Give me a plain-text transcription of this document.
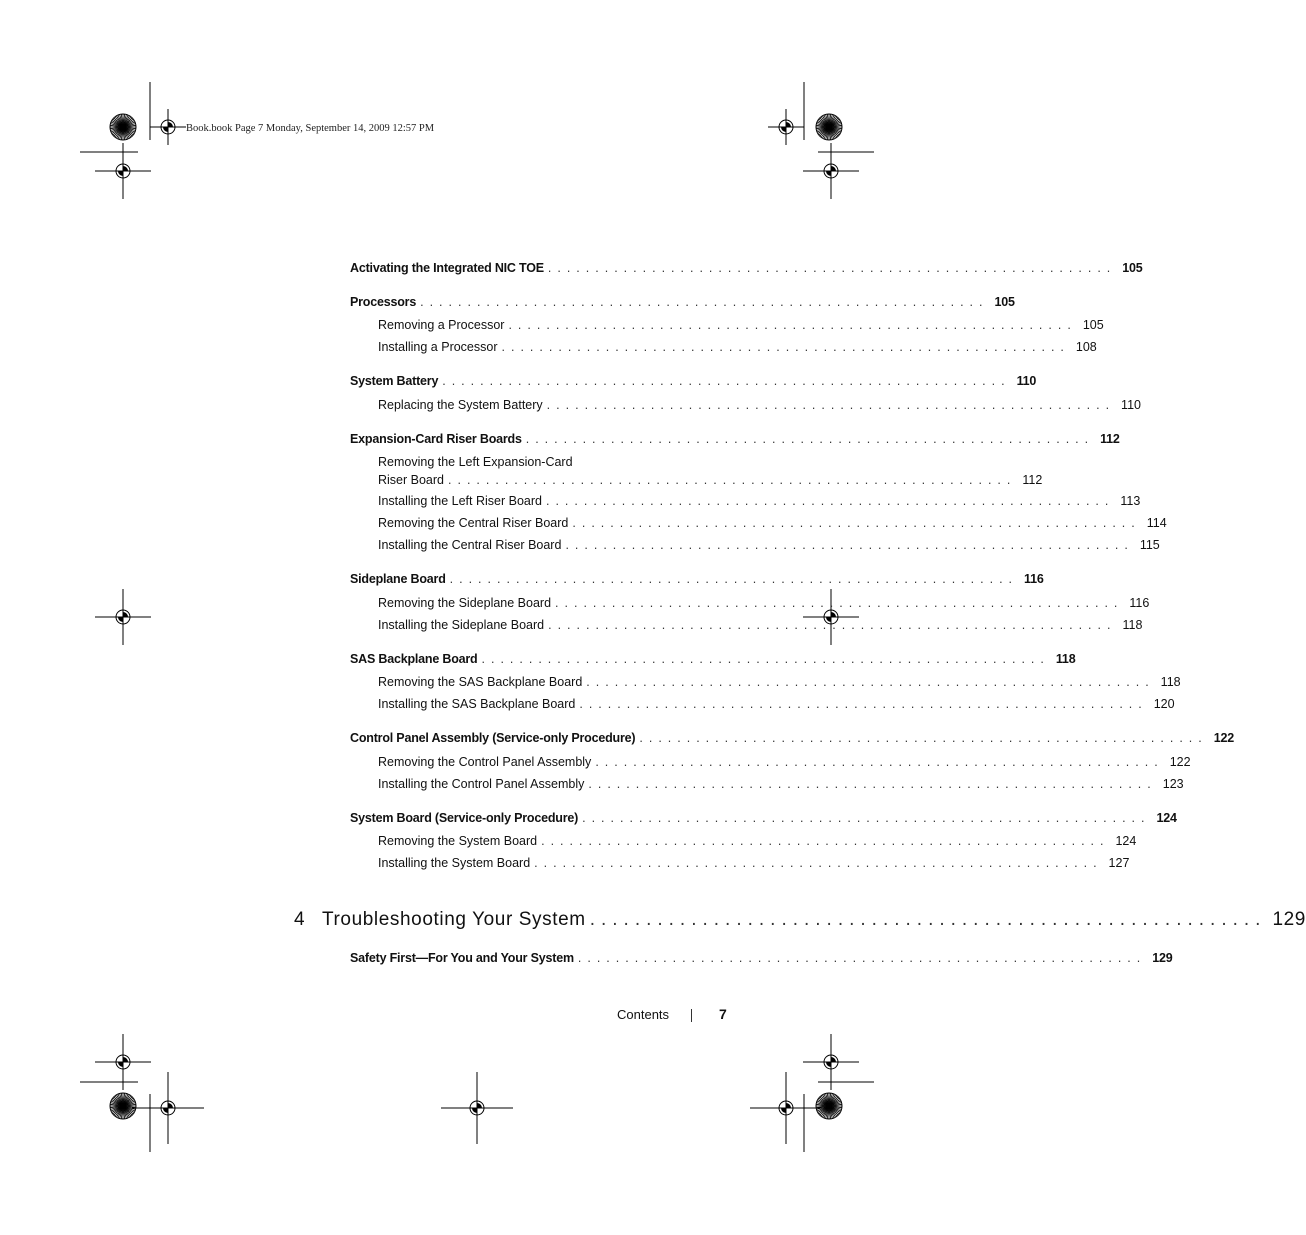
Book.book Page 7 Monday, September 14, 2009 12:57 PM
Activating the Integrated NIC TOE ............................................................ 105
Processors ............................................................ 105
Removing a Processor ............................................................ 105
Installing a Processor ............................................................ 108
System Battery ............................................................ 110
Replacing the System Battery ............................................................ 110
Expansion-Card Riser Boards ............................................................ 112
Removing the Left Expansion-Card
Riser Board ............................................................ 112
Installing the Left Riser Board ............................................................ 113
Removing the Central Riser Board ............................................................ 114
Installing the Central Riser Board ............................................................ 115
Sideplane Board ............................................................ 116
Removing the Sideplane Board ............................................................ 116
Installing the Sideplane Board ............................................................ 118
SAS Backplane Board ............................................................ 118
Removing the SAS Backplane Board ............................................................ 118
Installing the SAS Backplane Board ............................................................ 120
Control Panel Assembly (Service-only Procedure) ............................................................ 122
Removing the Control Panel Assembly ............................................................ 122
Installing the Control Panel Assembly ............................................................ 123
System Board (Service-only Procedure) ............................................................ 124
Removing the System Board ............................................................ 124
Installing the System Board ............................................................ 127
4 Troubleshooting Your System ............................................................ 129
Safety First—For You and Your System ............................................................ 129
Contents	7
